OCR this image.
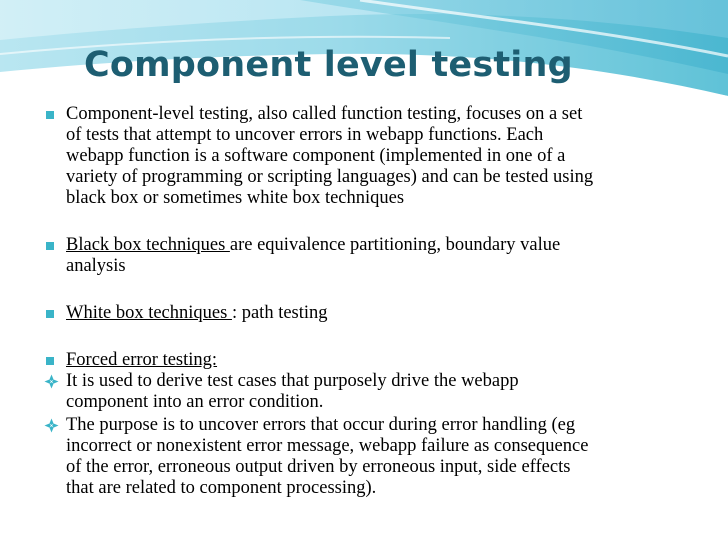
Component level testing
Component-level testing, also called function testing, focuses on a set
of tests that attempt to uncover errors in webapp functions. Each
webapp function is a software component (implemented in one of a
variety of programming or scripting languages) and can be tested using
black box or sometimes white box techniques
Black box techniques are equivalence partitioning, boundary value
analysis
White box techniques : path testing
Forced error testing:
It is used to derive test cases that purposely drive the webapp
component into an error condition.
The purpose is to uncover errors that occur during error handling (eg
incorrect or nonexistent error message, webapp failure as consequence
of the error, erroneous output driven by erroneous input, side effects
that are related to component processing).
